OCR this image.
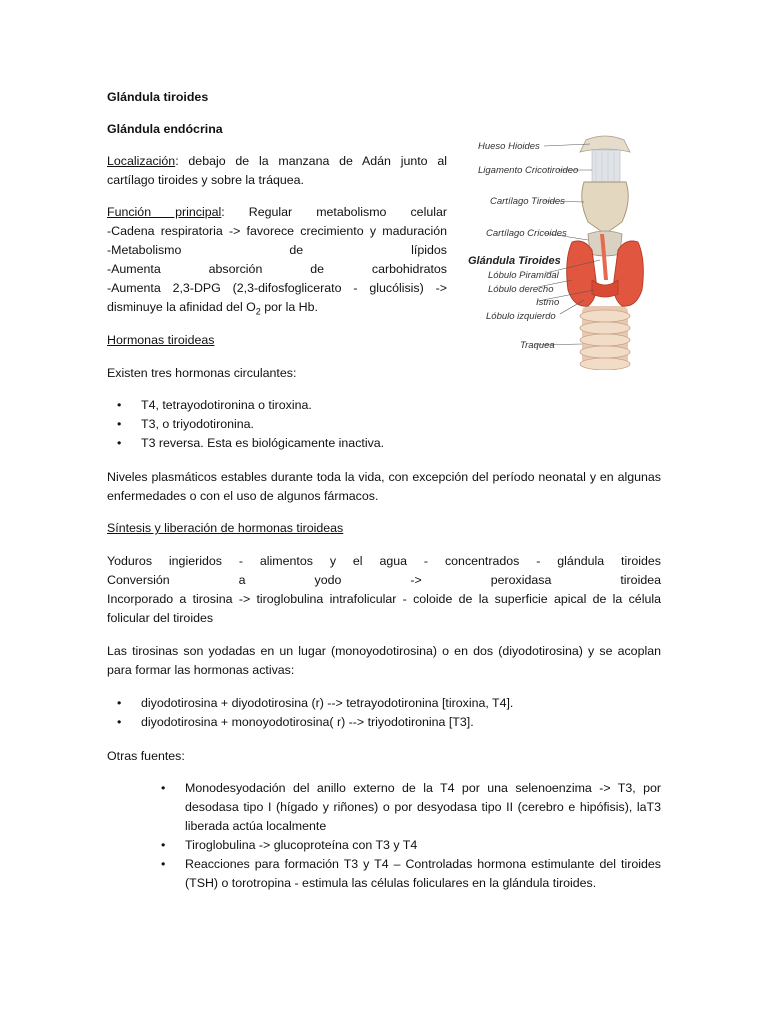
Glándula tiroides

Glándula endócrina

Localización: debajo de la manzana de Adán junto al

cartílago tiroides y sobre la tráquea.

Función principal: Regular metabolismo celular

-Cadena respiratoria -> favorece crecimiento y maduración

-Metabolismo de lípidos

-Aumenta absorción de carbohidratos

-Aumenta 2,3-DPG (2,3-difosfoglicerato - glucólisis) ->

disminuye la afinidad del $O_2$ por la Hb.

Hormonas tiroideas

Existen tres hormonas circulantes:

• T4, tetrayodotironina o tiroxina.
• T3, o triyodotironina.
• T3 reversa. Esta es biológicamente inactiva.

Niveles plasmáticos estables durante toda la vida, con excepción del período neonatal y en algunas enfermedades o con el uso de algunos fármacos.

Síntesis y liberación de hormonas tiroideas

Yoduros ingieridos - alimentos y el agua - concentrados - glándula tiroides

Conversión a yodo -> peroxidasa tiroidea

Incorporado a tirosina -> tiroglobulina intrafolicular - coloide de la superficie apical de la célula folicular del tiroides

Las tirosinas son yodadas en un lugar (monoyodotirosina) o en dos (diyodotirosina) y se acoplan para formar las hormonas activas:

• diyodotirosina + diyodotirosina (r) --> tetrayodotironina [tiroxina, T4].
• diyodotirosina + monoyodotirosina( r) --> triyodotironina [T3].

Otras fuentes:

• Monodesyodación del anillo externo de la T4 por una selenoenzima -> T3, por desodasa tipo I (hígado y riñones) o por desyodasa tipo II (cerebro e hipófisis), laT3 liberada actúa localmente
• Tiroglobulina -> glucoproteína con T3 y T4
• Reacciones para formación T3 y T4 – Controladas hormona estimulante del tiroides (TSH) o torotropina - estimula las células foliculares en la glándula tiroides.
Hueso Hioides
Ligamento Cricotiroideo
Cartílago Tiroides
Cartílago Cricoides
Glándula Tiroides
Lóbulo Piramidal
Lóbulo derecho
Istmo
Lóbulo izquierdo
Traquea
